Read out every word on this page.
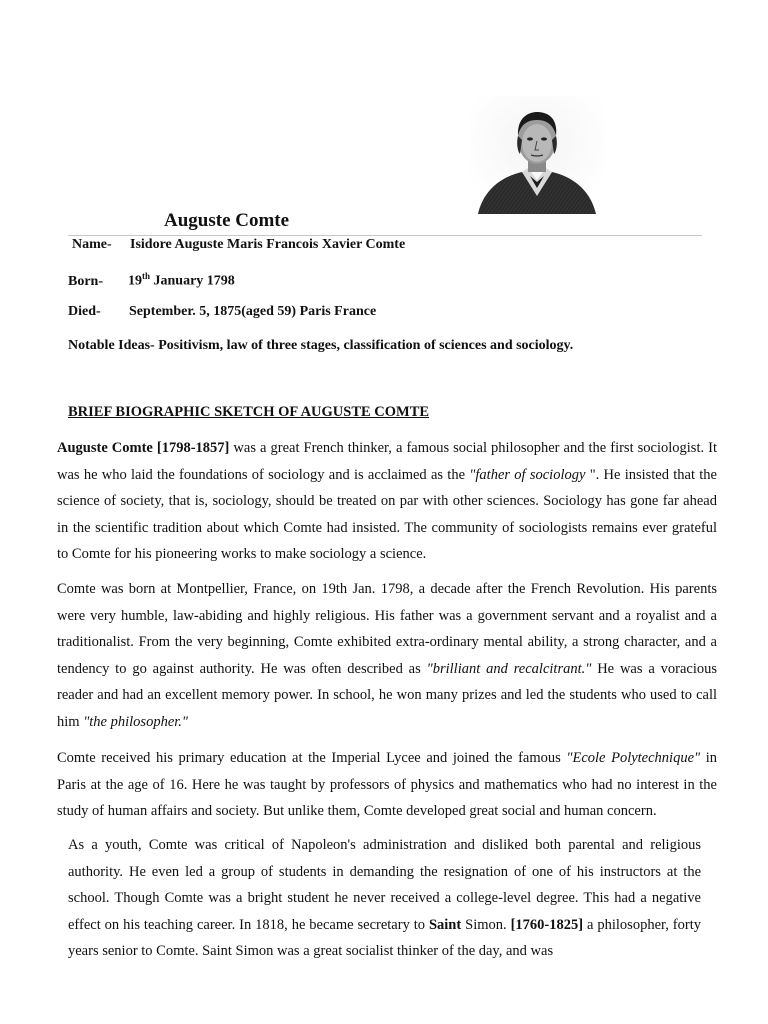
Auguste Comte
Name- Isidore Auguste Maris Francois Xavier Comte
Born- 19th January 1798
Died- September. 5, 1875(aged 59) Paris France
Notable Ideas- Positivism, law of three stages, classification of sciences and sociology.
BRIEF BIOGRAPHIC SKETCH OF AUGUSTE COMTE

Auguste Comte [1798-1857] was a great French thinker, a famous social philosopher and the first sociologist. It was he who laid the foundations of sociology and is acclaimed as the "father of sociology ". He insisted that the science of society, that is, sociology, should be treated on par with other sciences. Sociology has gone far ahead in the scientific tradition about which Comte had insisted. The community of sociologists remains ever grateful to Comte for his pioneering works to make sociology a science.

Comte was born at Montpellier, France, on 19th Jan. 1798, a decade after the French Revolution. His parents were very humble, law-abiding and highly religious. His father was a government servant and a royalist and a traditionalist. From the very beginning, Comte exhibited extra-ordinary mental ability, a strong character, and a tendency to go against authority. He was often described as "brilliant and recalcitrant." He was a voracious reader and had an excellent memory power. In school, he won many prizes and led the students who used to call him "the philosopher."

Comte received his primary education at the Imperial Lycee and joined the famous "Ecole Polytechnique" in Paris at the age of 16. Here he was taught by professors of physics and mathematics who had no interest in the study of human affairs and society. But unlike them, Comte developed great social and human concern.

As a youth, Comte was critical of Napoleon's administration and disliked both parental and religious authority. He even led a group of students in demanding the resignation of one of his instructors at the school. Though Comte was a bright student he never received a college-level degree. This had a negative effect on his teaching career. In 1818, he became secretary to Saint Simon. [1760-1825] a philosopher, forty years senior to Comte. Saint Simon was a great socialist thinker of the day, and was
